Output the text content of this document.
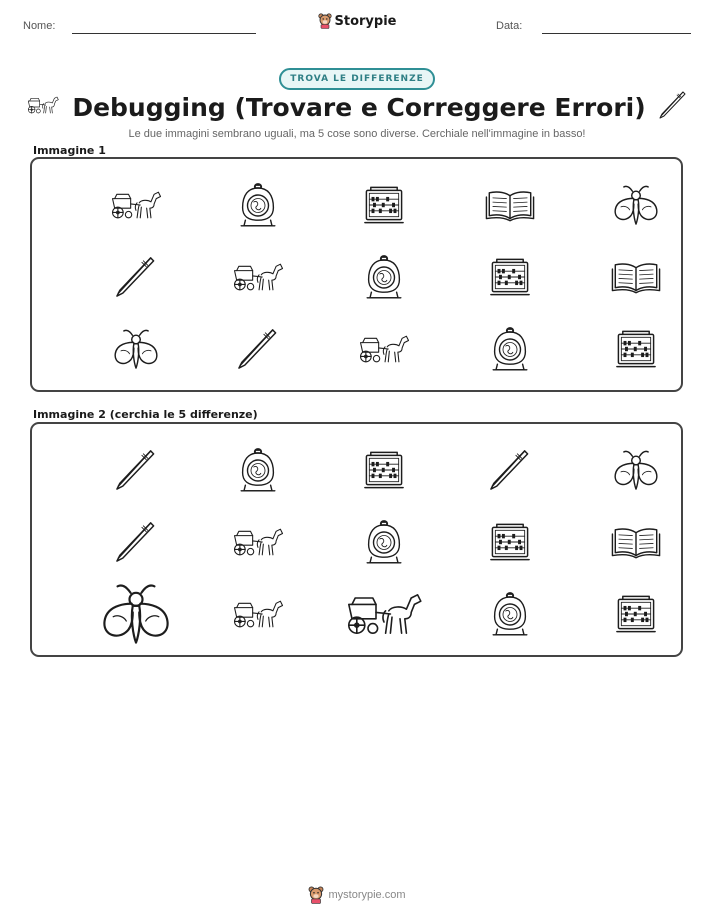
Nome:	Storypie	Data:
TROVA LE DIFFERENZE
Debugging (Trovare e Correggere Errori)
Le due immagini sembrano uguali, ma 5 cose sono diverse. Cerchiale nell'immagine in basso!
Immagine 1
Immagine 2 (cerchia le 5 differenze)
mystorypie.com
